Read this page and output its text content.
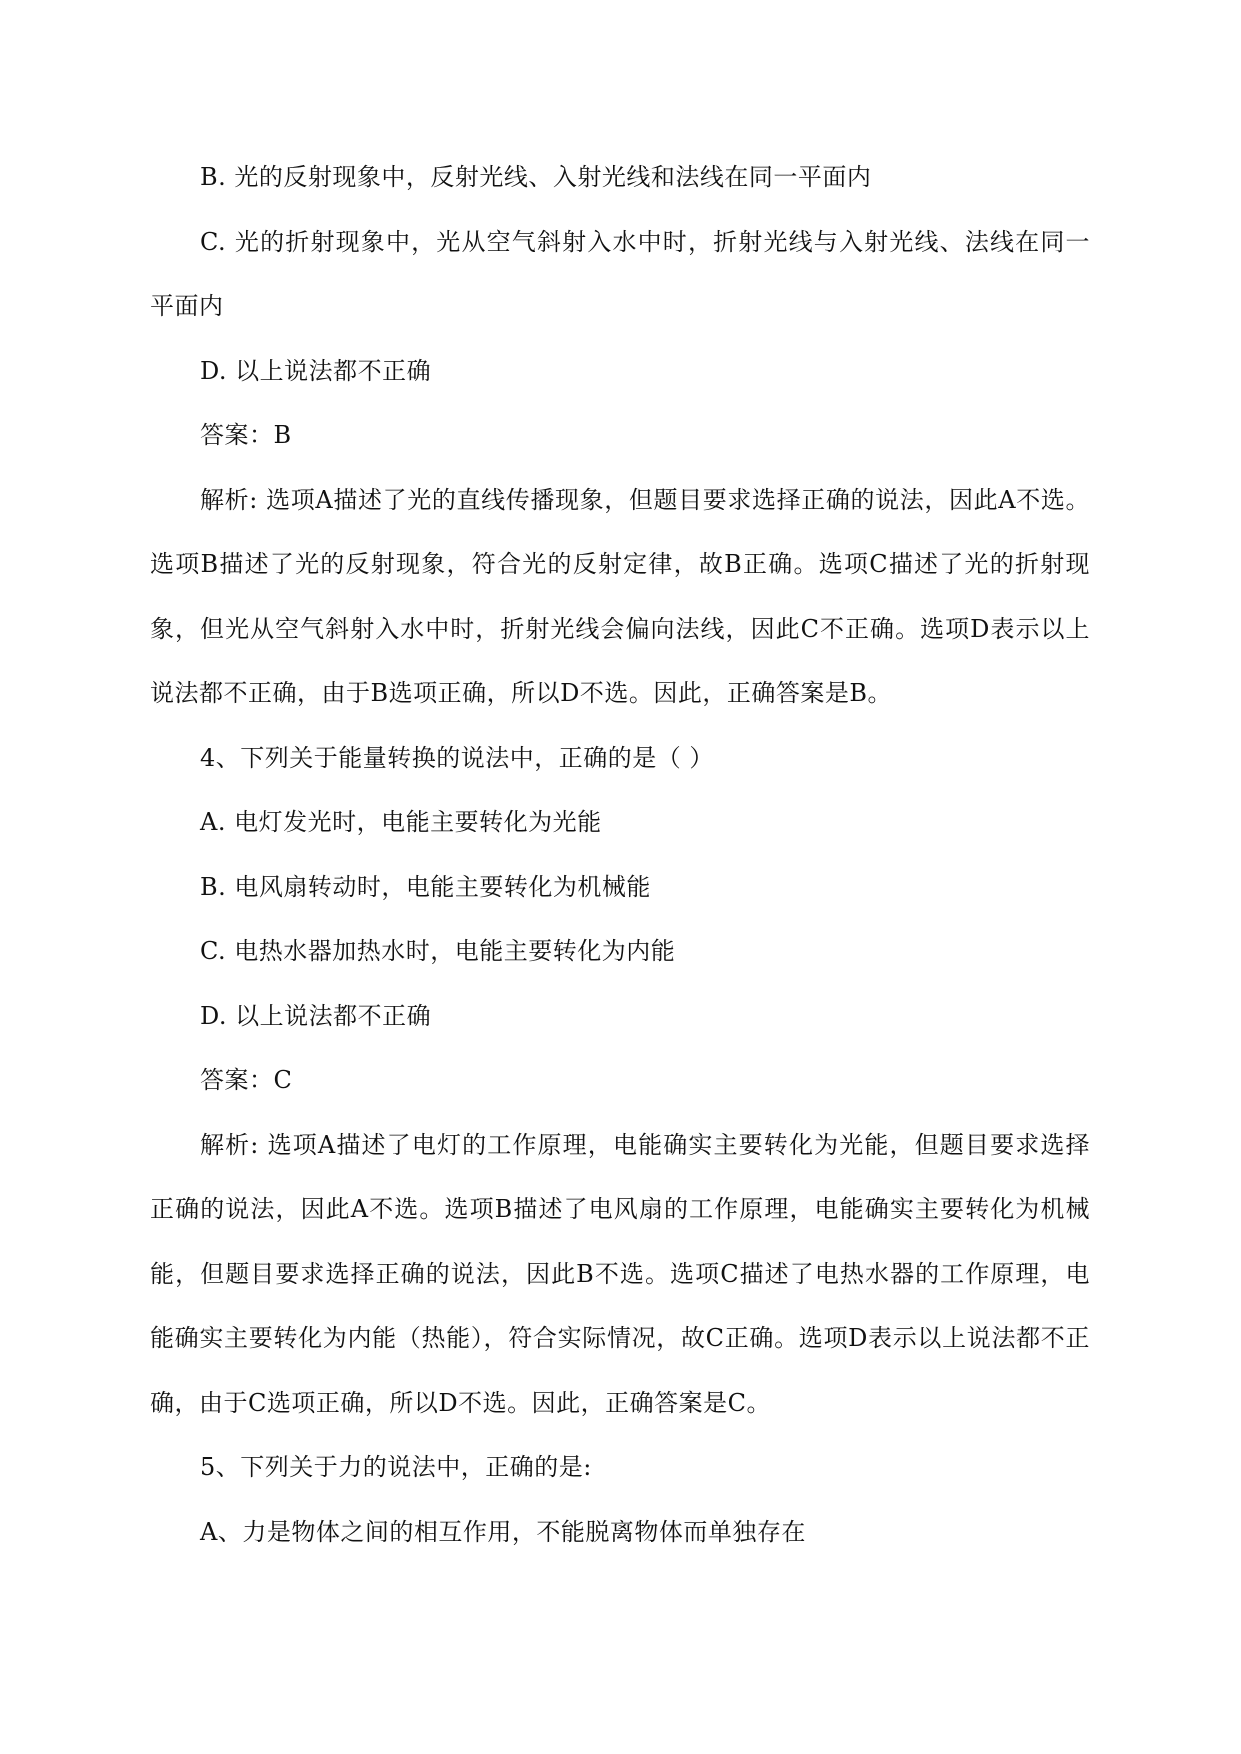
B. 光的反射现象中，反射光线、入射光线和法线在同一平面内

C. 光的折射现象中，光从空气斜射入水中时，折射光线与入射光线、法线在同一平面内

D. 以上说法都不正确

答案：B

解析: 选项A描述了光的直线传播现象，但题目要求选择正确的说法，因此A不选。选项B描述了光的反射现象，符合光的反射定律，故B正确。选项C描述了光的折射现象，但光从空气斜射入水中时，折射光线会偏向法线，因此C不正确。选项D表示以上说法都不正确，由于B选项正确，所以D不选。因此，正确答案是B。

4、下列关于能量转换的说法中，正确的是（ ）

A. 电灯发光时，电能主要转化为光能

B. 电风扇转动时，电能主要转化为机械能

C. 电热水器加热水时，电能主要转化为内能

D. 以上说法都不正确

答案：C

解析: 选项A描述了电灯的工作原理，电能确实主要转化为光能，但题目要求选择正确的说法，因此A不选。选项B描述了电风扇的工作原理，电能确实主要转化为机械能，但题目要求选择正确的说法，因此B不选。选项C描述了电热水器的工作原理，电能确实主要转化为内能（热能），符合实际情况，故C正确。选项D表示以上说法都不正确，由于C选项正确，所以D不选。因此，正确答案是C。

5、下列关于力的说法中，正确的是:

A、力是物体之间的相互作用，不能脱离物体而单独存在
